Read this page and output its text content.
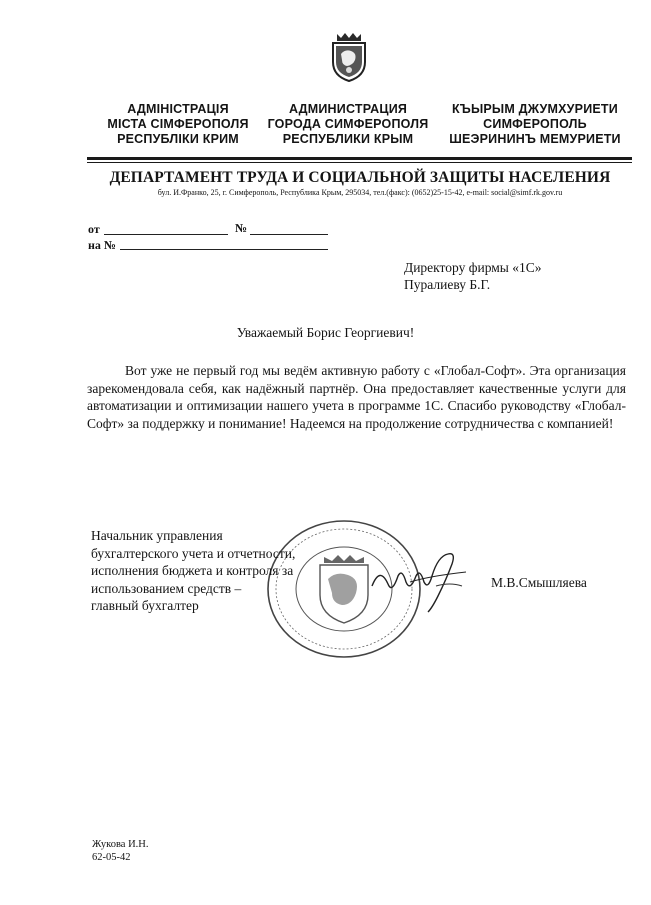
АДМІНІСТРАЦІЯ
МІСТА СІМФЕРОПОЛЯ
РЕСПУБЛІКИ КРИМ
АДМИНИСТРАЦИЯ
ГОРОДА СИМФЕРОПОЛЯ
РЕСПУБЛИКИ КРЫМ
КЪЫРЫМ ДЖУМХУРИЕТИ
СИМФЕРОПОЛЬ
ШЕЭРИНИНЪ МЕМУРИЕТИ
ДЕПАРТАМЕНТ ТРУДА И СОЦИАЛЬНОЙ ЗАЩИТЫ НАСЕЛЕНИЯ
бул. И.Франко, 25, г. Симферополь, Республика Крым, 295034, тел.(факс): (0652)25-15-42, e-mail: social@simf.rk.gov.ru
от	№
на №
Директору фирмы «1С»
Пуралиеву Б.Г.
Уважаемый Борис Георгиевич!

Вот уже не первый год мы ведём активную работу с «Глобал-Софт». Эта организация зарекомендовала себя, как надёжный партнёр. Она предоставляет качественные услуги для автоматизации и оптимизации нашего учета в программе 1С. Спасибо руководству «Глобал-Софт» за поддержку и понимание! Надеемся на продолжение сотрудничества с компанией!

Начальник управления
бухгалтерского учета и отчетности,
исполнения бюджета и контроля за
использованием средств –
главный бухгалтер
М.В.Смышляева
Жукова И.Н.
62-05-42
